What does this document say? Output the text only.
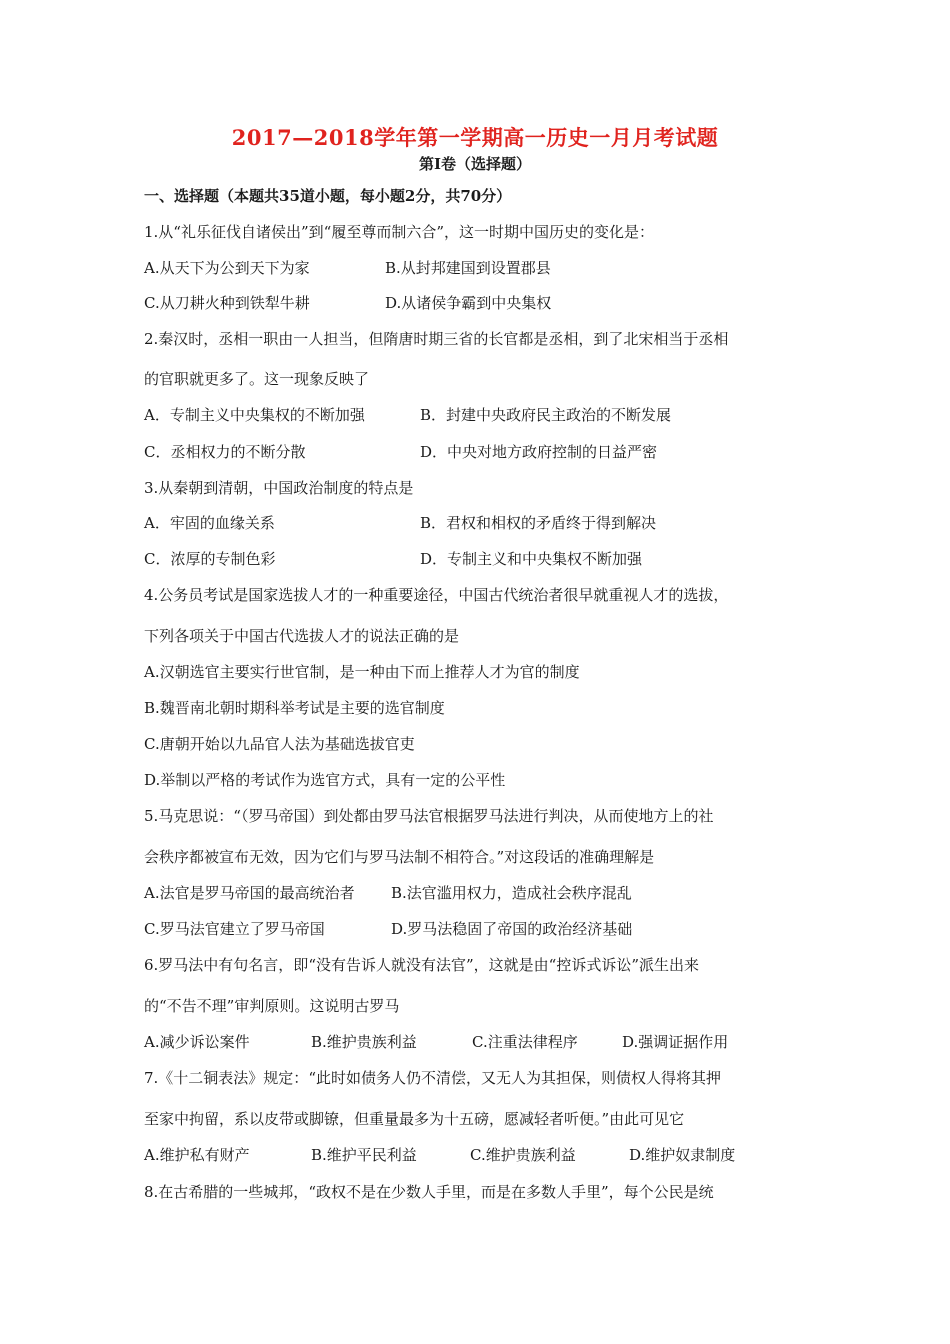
2017—2018学年第一学期高一历史一月月考试题
第Ⅰ卷（选择题）
一、选择题（本题共35道小题，每小题2分，共70分）
1.从“礼乐征伐自诸侯出”到“履至尊而制六合”，这一时期中国历史的变化是：
A.从天下为公到天下为家	B.从封邦建国到设置郡县
C.从刀耕火种到铁犁牛耕	D.从诸侯争霸到中央集权
2.秦汉时，丞相一职由一人担当，但隋唐时期三省的长官都是丞相，到了北宋相当于丞相
的官职就更多了。这一现象反映了
A．专制主义中央集权的不断加强	B．封建中央政府民主政治的不断发展
C．丞相权力的不断分散	D．中央对地方政府控制的日益严密
3.从秦朝到清朝，中国政治制度的特点是
A．牢固的血缘关系	B．君权和相权的矛盾终于得到解决
C．浓厚的专制色彩	D．专制主义和中央集权不断加强
4.公务员考试是国家选拔人才的一种重要途径，中国古代统治者很早就重视人才的选拔，
下列各项关于中国古代选拔人才的说法正确的是
A.汉朝选官主要实行世官制，是一种由下而上推荐人才为官的制度
B.魏晋南北朝时期科举考试是主要的选官制度
C.唐朝开始以九品官人法为基础选拔官吏
D.举制以严格的考试作为选官方式，具有一定的公平性
5.马克思说：“（罗马帝国）到处都由罗马法官根据罗马法进行判决，从而使地方上的社
会秩序都被宣布无效，因为它们与罗马法制不相符合。”对这段话的准确理解是
A.法官是罗马帝国的最高统治者 B.法官滥用权力，造成社会秩序混乱
C.罗马法官建立了罗马帝国	D.罗马法稳固了帝国的政治经济基础
6.罗马法中有句名言，即“没有告诉人就没有法官”，这就是由“控诉式诉讼”派生出来
的“不告不理”审判原则。这说明古罗马
A.减少诉讼案件	B.维护贵族利益	C.注重法律程序	D.强调证据作用
7.《十二铜表法》规定：“此时如债务人仍不清偿，又无人为其担保，则债权人得将其押
至家中拘留，系以皮带或脚镣，但重量最多为十五磅，愿减轻者听便。”由此可见它
A.维护私有财产	B.维护平民利益	C.维护贵族利益	D.维护奴隶制度
8.在古希腊的一些城邦，“政权不是在少数人手里，而是在多数人手里”，每个公民是统
